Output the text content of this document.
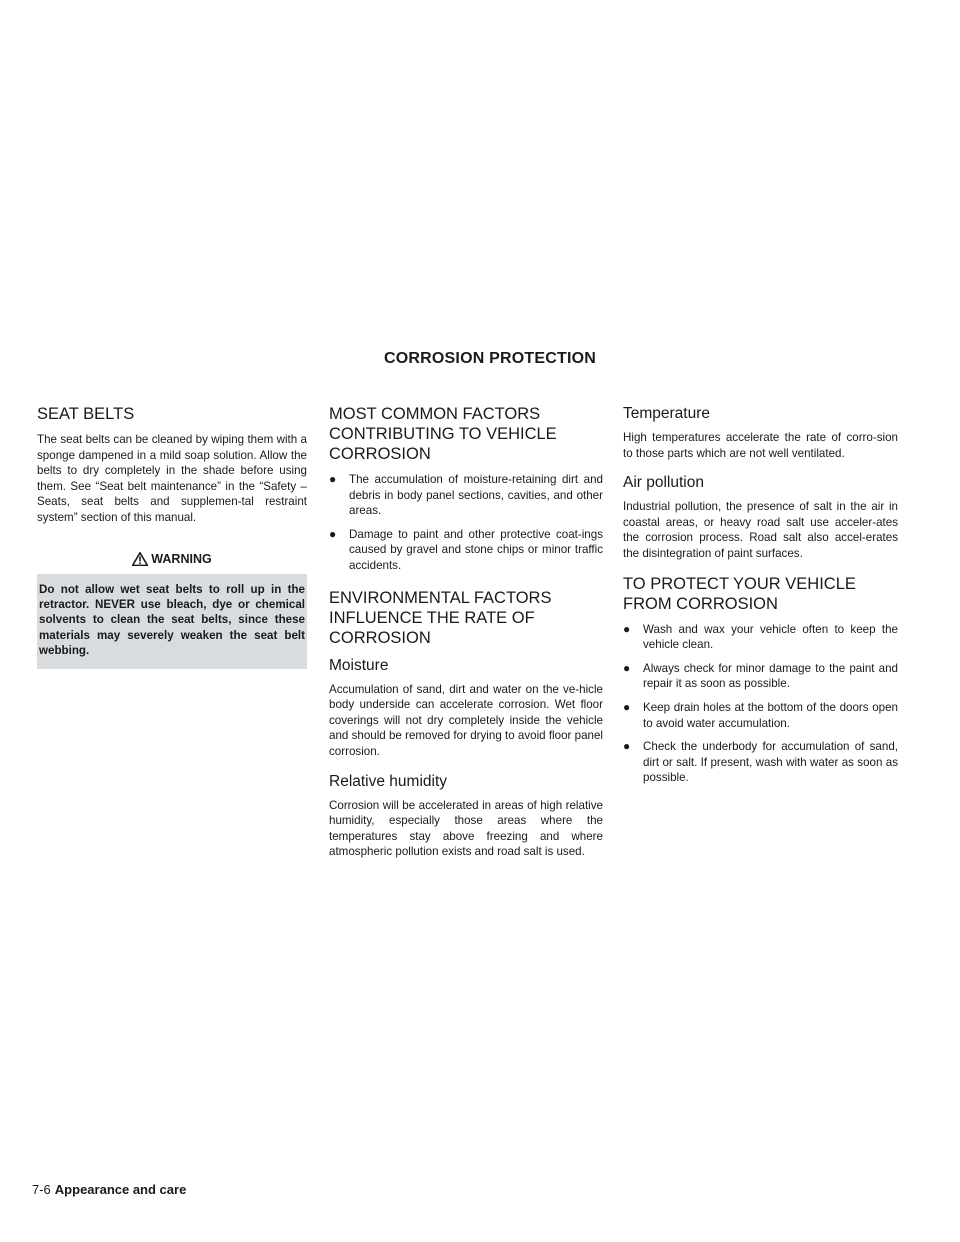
CORROSION PROTECTION
SEAT BELTS

The seat belts can be cleaned by wiping them with a sponge dampened in a mild soap solution. Allow the belts to dry completely in the shade before using them. See “Seat belt maintenance” in the “Safety – Seats, seat belts and supplemen-tal restraint system” section of this manual.

WARNING

Do not allow wet seat belts to roll up in the retractor. NEVER use bleach, dye or chemical solvents to clean the seat belts, since these materials may severely weaken the seat belt webbing.

MOST COMMON FACTORS CONTRIBUTING TO VEHICLE CORROSION
● The accumulation of moisture-retaining dirt and debris in body panel sections, cavities, and other areas.
● Damage to paint and other protective coat-ings caused by gravel and stone chips or minor traffic accidents.
ENVIRONMENTAL FACTORS INFLUENCE THE RATE OF CORROSION
Moisture

Accumulation of sand, dirt and water on the ve-hicle body underside can accelerate corrosion. Wet floor coverings will not dry completely inside the vehicle and should be removed for drying to avoid floor panel corrosion.

Relative humidity

Corrosion will be accelerated in areas of high relative humidity, especially those areas where the temperatures stay above freezing and where atmospheric pollution exists and road salt is used.

Temperature

High temperatures accelerate the rate of corro-sion to those parts which are not well ventilated.

Air pollution

Industrial pollution, the presence of salt in the air in coastal areas, or heavy road salt use acceler-ates the corrosion process. Road salt also accel-erates the disintegration of paint surfaces.

TO PROTECT YOUR VEHICLE FROM CORROSION
● Wash and wax your vehicle often to keep the vehicle clean.
● Always check for minor damage to the paint and repair it as soon as possible.
● Keep drain holes at the bottom of the doors open to avoid water accumulation.
● Check the underbody for accumulation of sand, dirt or salt. If present, wash with water as soon as possible.
7-6 Appearance and care
